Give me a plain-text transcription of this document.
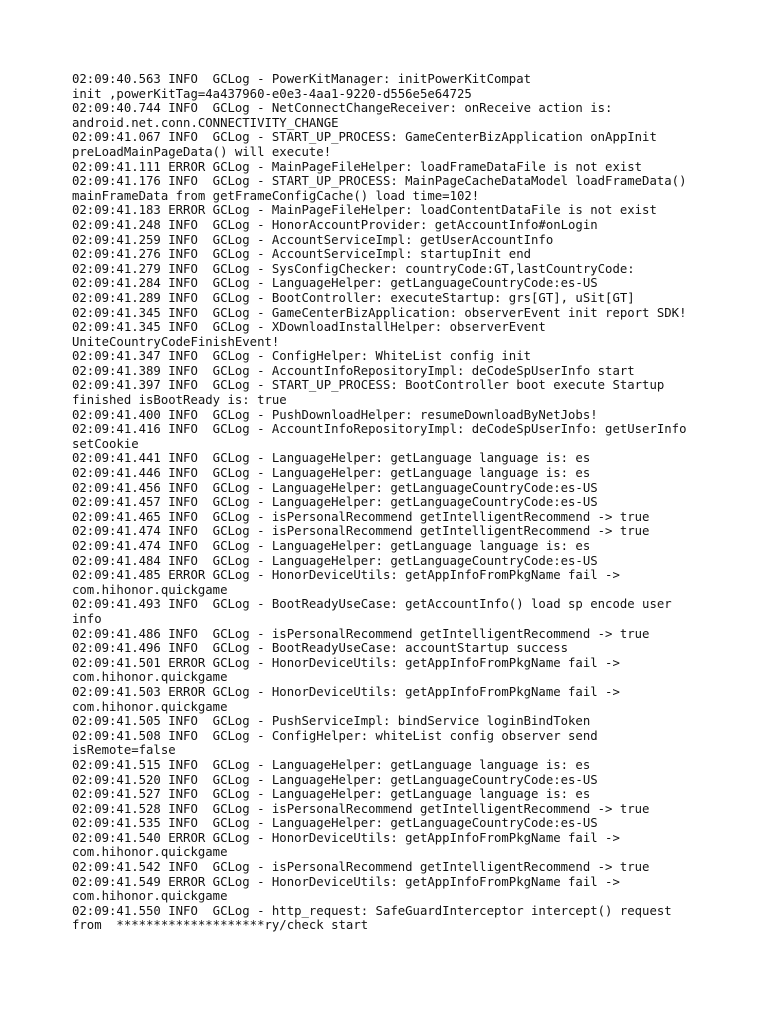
02:09:40.563 INFO  GCLog - PowerKitManager: initPowerKitCompat
init ,powerKitTag=4a437960-e0e3-4aa1-9220-d556e5e64725
02:09:40.744 INFO  GCLog - NetConnectChangeReceiver: onReceive action is:
android.net.conn.CONNECTIVITY_CHANGE
02:09:41.067 INFO  GCLog - START_UP_PROCESS: GameCenterBizApplication onAppInit
preLoadMainPageData() will execute!
02:09:41.111 ERROR GCLog - MainPageFileHelper: loadFrameDataFile is not exist
02:09:41.176 INFO  GCLog - START_UP_PROCESS: MainPageCacheDataModel loadFrameData()
mainFrameData from getFrameConfigCache() load time=102!
02:09:41.183 ERROR GCLog - MainPageFileHelper: loadContentDataFile is not exist
02:09:41.248 INFO  GCLog - HonorAccountProvider: getAccountInfo#onLogin
02:09:41.259 INFO  GCLog - AccountServiceImpl: getUserAccountInfo
02:09:41.276 INFO  GCLog - AccountServiceImpl: startupInit end
02:09:41.279 INFO  GCLog - SysConfigChecker: countryCode:GT,lastCountryCode:
02:09:41.284 INFO  GCLog - LanguageHelper: getLanguageCountryCode:es-US
02:09:41.289 INFO  GCLog - BootController: executeStartup: grs[GT], uSit[GT]
02:09:41.345 INFO  GCLog - GameCenterBizApplication: observerEvent init report SDK!
02:09:41.345 INFO  GCLog - XDownloadInstallHelper: observerEvent
UniteCountryCodeFinishEvent!
02:09:41.347 INFO  GCLog - ConfigHelper: WhiteList config init
02:09:41.389 INFO  GCLog - AccountInfoRepositoryImpl: deCodeSpUserInfo start
02:09:41.397 INFO  GCLog - START_UP_PROCESS: BootController boot execute Startup
finished isBootReady is: true
02:09:41.400 INFO  GCLog - PushDownloadHelper: resumeDownloadByNetJobs!
02:09:41.416 INFO  GCLog - AccountInfoRepositoryImpl: deCodeSpUserInfo: getUserInfo
setCookie
02:09:41.441 INFO  GCLog - LanguageHelper: getLanguage language is: es
02:09:41.446 INFO  GCLog - LanguageHelper: getLanguage language is: es
02:09:41.456 INFO  GCLog - LanguageHelper: getLanguageCountryCode:es-US
02:09:41.457 INFO  GCLog - LanguageHelper: getLanguageCountryCode:es-US
02:09:41.465 INFO  GCLog - isPersonalRecommend getIntelligentRecommend -> true
02:09:41.474 INFO  GCLog - isPersonalRecommend getIntelligentRecommend -> true
02:09:41.474 INFO  GCLog - LanguageHelper: getLanguage language is: es
02:09:41.484 INFO  GCLog - LanguageHelper: getLanguageCountryCode:es-US
02:09:41.485 ERROR GCLog - HonorDeviceUtils: getAppInfoFromPkgName fail ->
com.hihonor.quickgame
02:09:41.493 INFO  GCLog - BootReadyUseCase: getAccountInfo() load sp encode user
info
02:09:41.486 INFO  GCLog - isPersonalRecommend getIntelligentRecommend -> true
02:09:41.496 INFO  GCLog - BootReadyUseCase: accountStartup success
02:09:41.501 ERROR GCLog - HonorDeviceUtils: getAppInfoFromPkgName fail ->
com.hihonor.quickgame
02:09:41.503 ERROR GCLog - HonorDeviceUtils: getAppInfoFromPkgName fail ->
com.hihonor.quickgame
02:09:41.505 INFO  GCLog - PushServiceImpl: bindService loginBindToken
02:09:41.508 INFO  GCLog - ConfigHelper: whiteList config observer send
isRemote=false
02:09:41.515 INFO  GCLog - LanguageHelper: getLanguage language is: es
02:09:41.520 INFO  GCLog - LanguageHelper: getLanguageCountryCode:es-US
02:09:41.527 INFO  GCLog - LanguageHelper: getLanguage language is: es
02:09:41.528 INFO  GCLog - isPersonalRecommend getIntelligentRecommend -> true
02:09:41.535 INFO  GCLog - LanguageHelper: getLanguageCountryCode:es-US
02:09:41.540 ERROR GCLog - HonorDeviceUtils: getAppInfoFromPkgName fail ->
com.hihonor.quickgame
02:09:41.542 INFO  GCLog - isPersonalRecommend getIntelligentRecommend -> true
02:09:41.549 ERROR GCLog - HonorDeviceUtils: getAppInfoFromPkgName fail ->
com.hihonor.quickgame
02:09:41.550 INFO  GCLog - http_request: SafeGuardInterceptor intercept() request
from  ********************ry/check start
